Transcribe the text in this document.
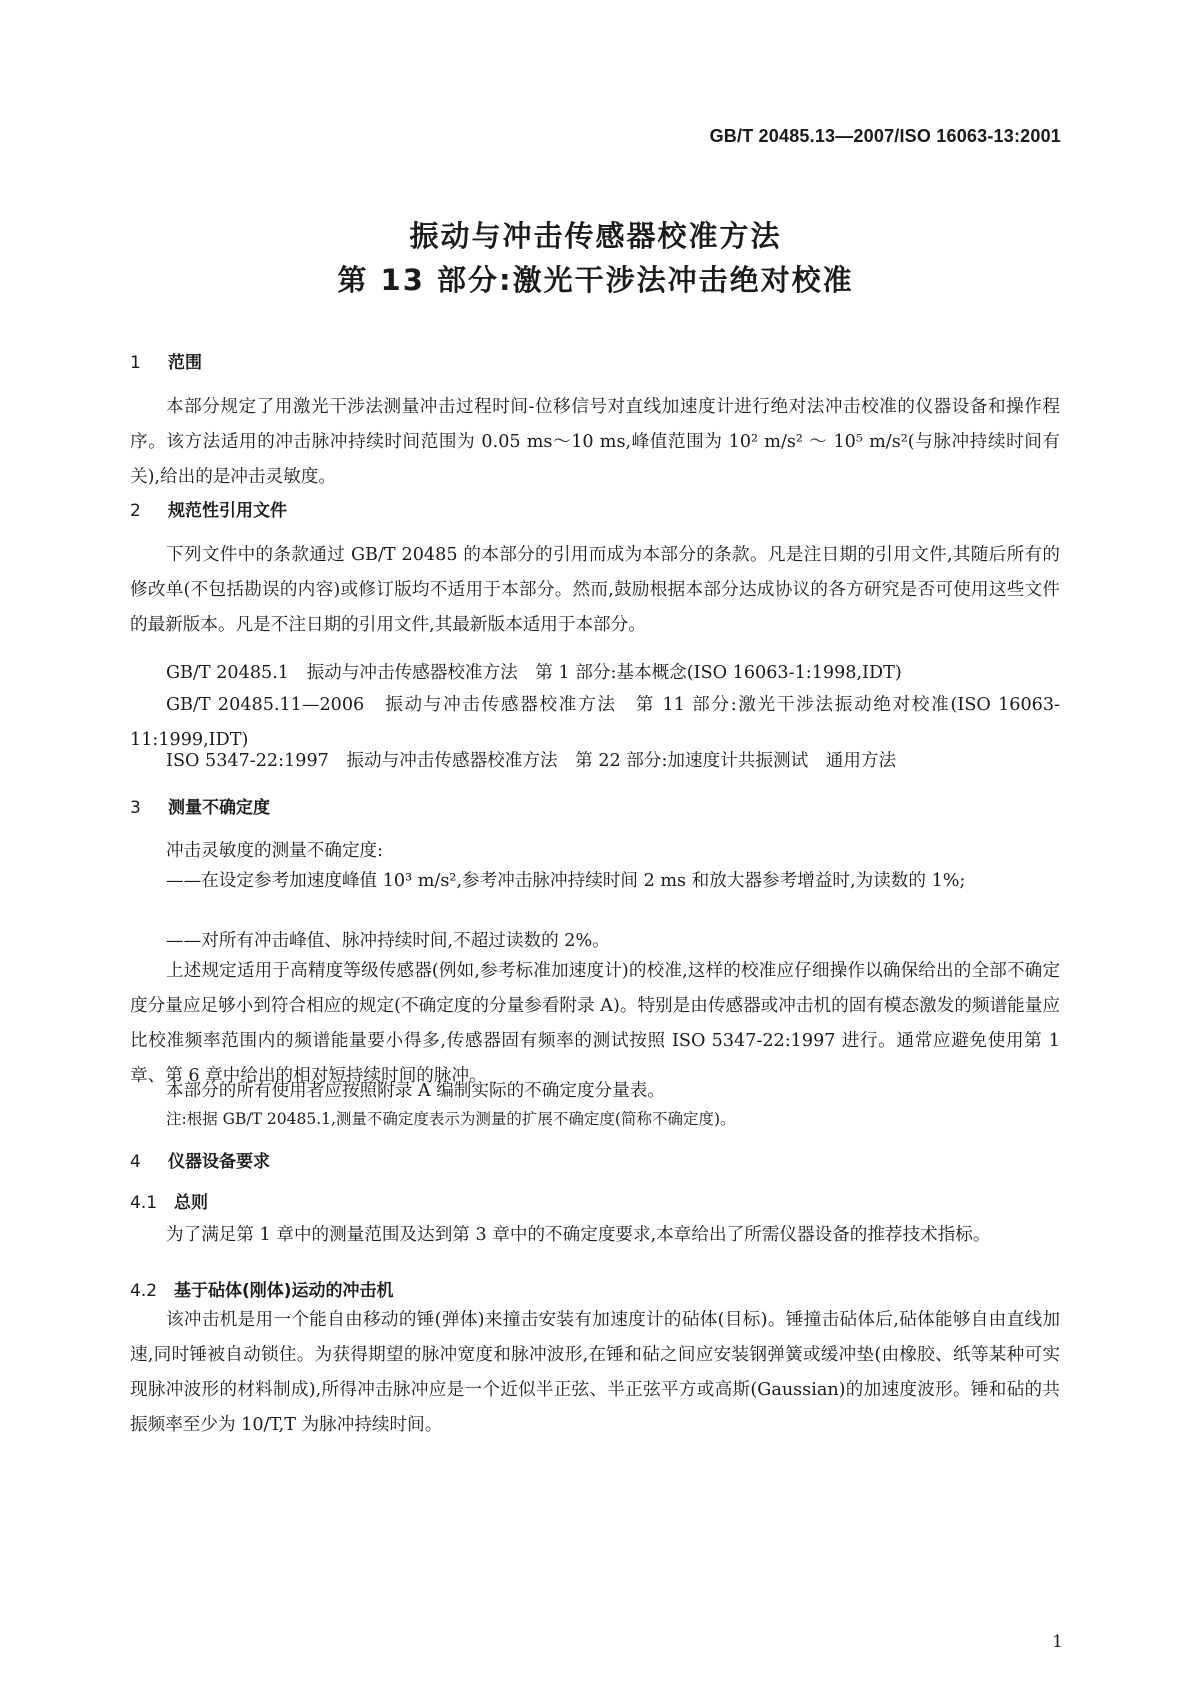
GB/T 20485.13—2007/ISO 16063-13:2001
振动与冲击传感器校准方法
第 13 部分:激光干涉法冲击绝对校准
1 范围
本部分规定了用激光干涉法测量冲击过程时间-位移信号对直线加速度计进行绝对法冲击校准的仪器设备和操作程序。该方法适用的冲击脉冲持续时间范围为 0.05 ms～10 ms,峰值范围为 10² m/s² ～ 10⁵ m/s²(与脉冲持续时间有关),给出的是冲击灵敏度。
2 规范性引用文件
下列文件中的条款通过 GB/T 20485 的本部分的引用而成为本部分的条款。凡是注日期的引用文件,其随后所有的修改单(不包括勘误的内容)或修订版均不适用于本部分。然而,鼓励根据本部分达成协议的各方研究是否可使用这些文件的最新版本。凡是不注日期的引用文件,其最新版本适用于本部分。
GB/T 20485.1　振动与冲击传感器校准方法　第 1 部分:基本概念(ISO 16063-1:1998,IDT)
GB/T 20485.11—2006　振动与冲击传感器校准方法　第 11 部分:激光干涉法振动绝对校准(ISO 16063-11:1999,IDT)
ISO 5347-22:1997　振动与冲击传感器校准方法　第 22 部分:加速度计共振测试　通用方法
3 测量不确定度
冲击灵敏度的测量不确定度:
——在设定参考加速度峰值 10³ m/s²,参考冲击脉冲持续时间 2 ms 和放大器参考增益时,为读数的 1%;
——对所有冲击峰值、脉冲持续时间,不超过读数的 2%。
上述规定适用于高精度等级传感器(例如,参考标准加速度计)的校准,这样的校准应仔细操作以确保给出的全部不确定度分量应足够小到符合相应的规定(不确定度的分量参看附录 A)。特别是由传感器或冲击机的固有模态激发的频谱能量应比校准频率范围内的频谱能量要小得多,传感器固有频率的测试按照 ISO 5347-22:1997 进行。通常应避免使用第 1 章、第 6 章中给出的相对短持续时间的脉冲。
本部分的所有使用者应按照附录 A 编制实际的不确定度分量表。
注:根据 GB/T 20485.1,测量不确定度表示为测量的扩展不确定度(简称不确定度)。
4 仪器设备要求
4.1 总则
为了满足第 1 章中的测量范围及达到第 3 章中的不确定度要求,本章给出了所需仪器设备的推荐技术指标。
4.2 基于砧体(刚体)运动的冲击机
该冲击机是用一个能自由移动的锤(弹体)来撞击安装有加速度计的砧体(目标)。锤撞击砧体后,砧体能够自由直线加速,同时锤被自动锁住。为获得期望的脉冲宽度和脉冲波形,在锤和砧之间应安装钢弹簧或缓冲垫(由橡胶、纸等某种可实现脉冲波形的材料制成),所得冲击脉冲应是一个近似半正弦、半正弦平方或高斯(Gaussian)的加速度波形。锤和砧的共振频率至少为 10/T,T 为脉冲持续时间。
1
